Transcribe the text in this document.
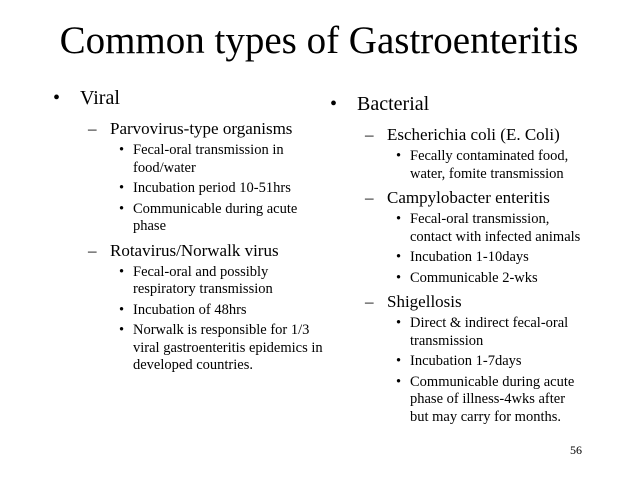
Common types of Gastroenteritis
• Viral
– Parvovirus-type organisms
• Fecal-oral transmission in food/water
• Incubation period 10-51hrs
• Communicable during acute phase
– Rotavirus/Norwalk virus
• Fecal-oral and possibly respiratory transmission
• Incubation of 48hrs
• Norwalk is responsible for 1/3 viral gastroenteritis epidemics in developed countries.
• Bacterial
– Escherichia coli (E. Coli)
• Fecally contaminated food, water, fomite transmission
– Campylobacter enteritis
• Fecal-oral transmission, contact with infected animals
• Incubation 1-10days
• Communicable 2-wks
– Shigellosis
• Direct & indirect fecal-oral transmission
• Incubation 1-7days
• Communicable during acute phase of illness-4wks after but may carry for months.
56
